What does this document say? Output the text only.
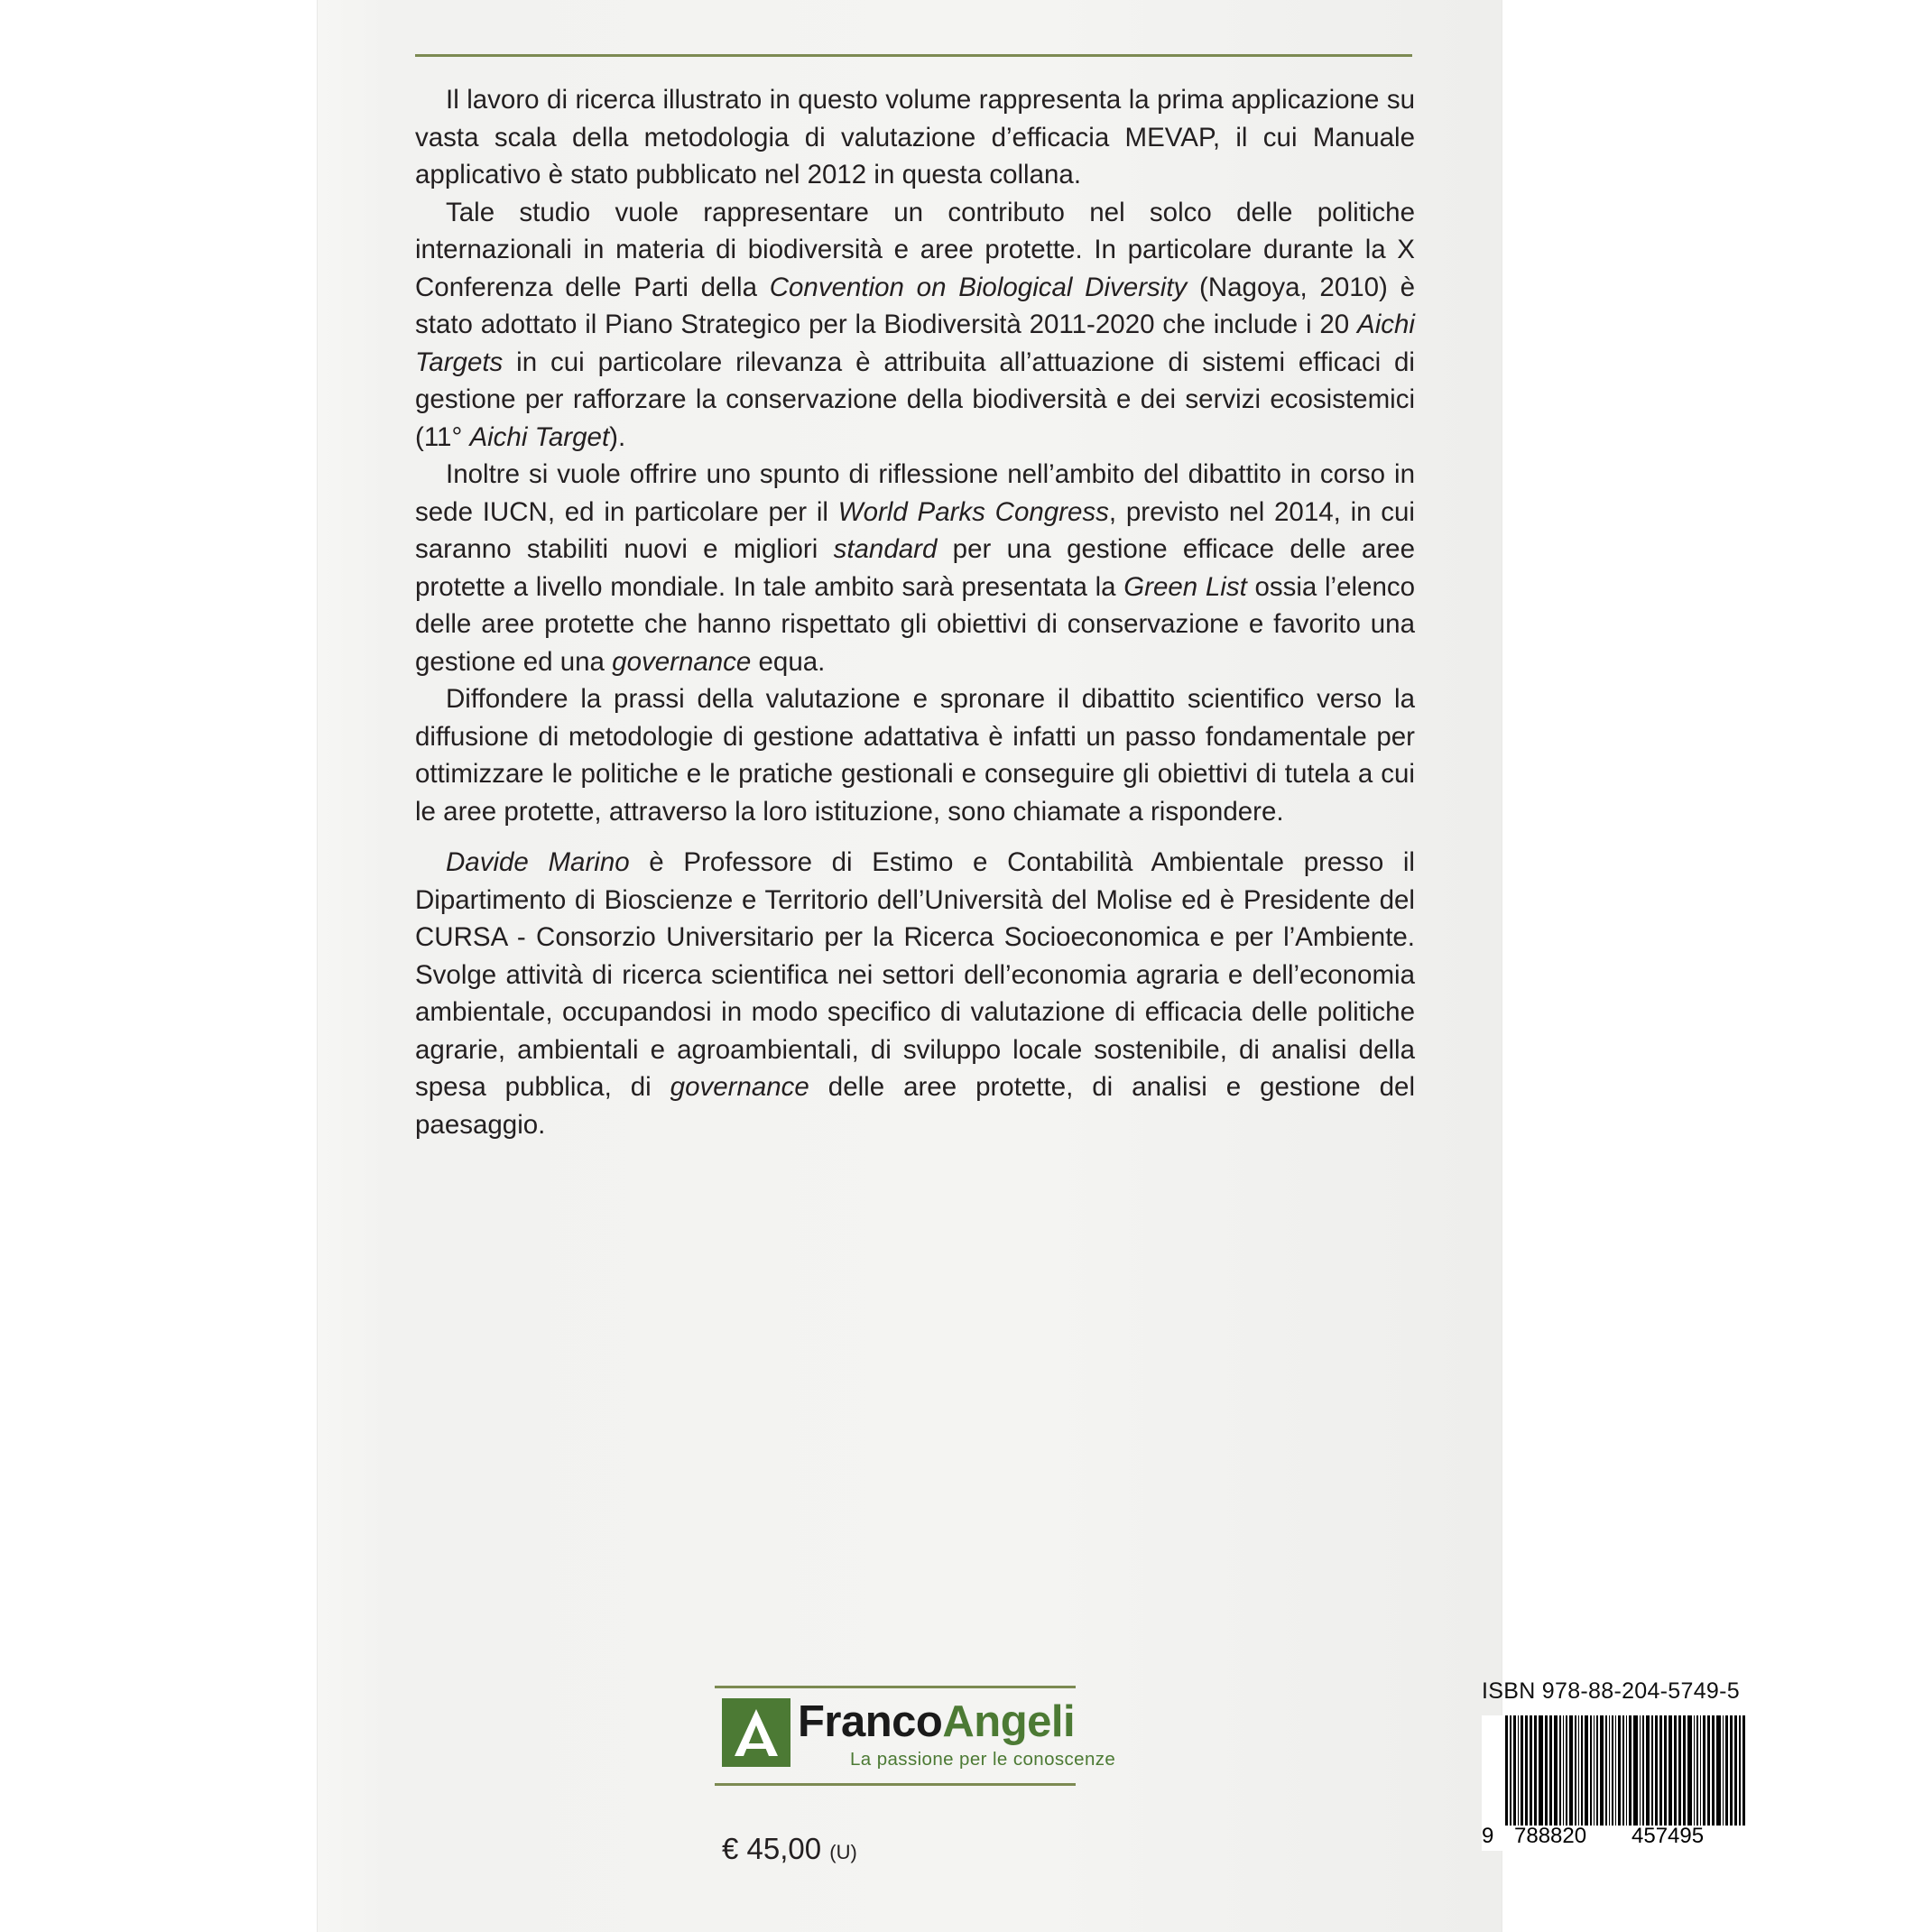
Il lavoro di ricerca illustrato in questo volume rappresenta la prima applicazione su vasta scala della metodologia di valutazione d’efficacia MEVAP, il cui Manuale applicativo è stato pubblicato nel 2012 in questa collana.

Tale studio vuole rappresentare un contributo nel solco delle politiche internazionali in materia di biodiversità e aree protette. In particolare durante la X Conferenza delle Parti della Convention on Biological Diversity (Nagoya, 2010) è stato adottato il Piano Strategico per la Biodiversità 2011-2020 che include i 20 Aichi Targets in cui particolare rilevanza è attribuita all’attuazione di sistemi efficaci di gestione per rafforzare la conservazione della biodiversità e dei servizi ecosistemici (11° Aichi Target).

Inoltre si vuole offrire uno spunto di riflessione nell’ambito del dibattito in corso in sede IUCN, ed in particolare per il World Parks Congress, previsto nel 2014, in cui saranno stabiliti nuovi e migliori standard per una gestione efficace delle aree protette a livello mondiale. In tale ambito sarà presentata la Green List ossia l’elenco delle aree protette che hanno rispettato gli obiettivi di conservazione e favorito una gestione ed una governance equa.

Diffondere la prassi della valutazione e spronare il dibattito scientifico verso la diffusione di metodologie di gestione adattativa è infatti un passo fondamentale per ottimizzare le politiche e le pratiche gestionali e conseguire gli obiettivi di tutela a cui le aree protette, attraverso la loro istituzione, sono chiamate a rispondere.

Davide Marino è Professore di Estimo e Contabilità Ambientale presso il Dipartimento di Bioscienze e Territorio dell’Università del Molise ed è Presidente del CURSA - Consorzio Universitario per la Ricerca Socioeconomica e per l’Ambiente. Svolge attività di ricerca scientifica nei settori dell’economia agraria e dell’economia ambientale, occupandosi in modo specifico di valutazione di efficacia delle politiche agrarie, ambientali e agroambientali, di sviluppo locale sostenibile, di analisi della spesa pubblica, di governance delle aree protette, di analisi e gestione del paesaggio.

FrancoAngeli
La passione per le conoscenze
€ 45,00 (U)
ISBN 978-88-204-5749-5
9 788820 457495
